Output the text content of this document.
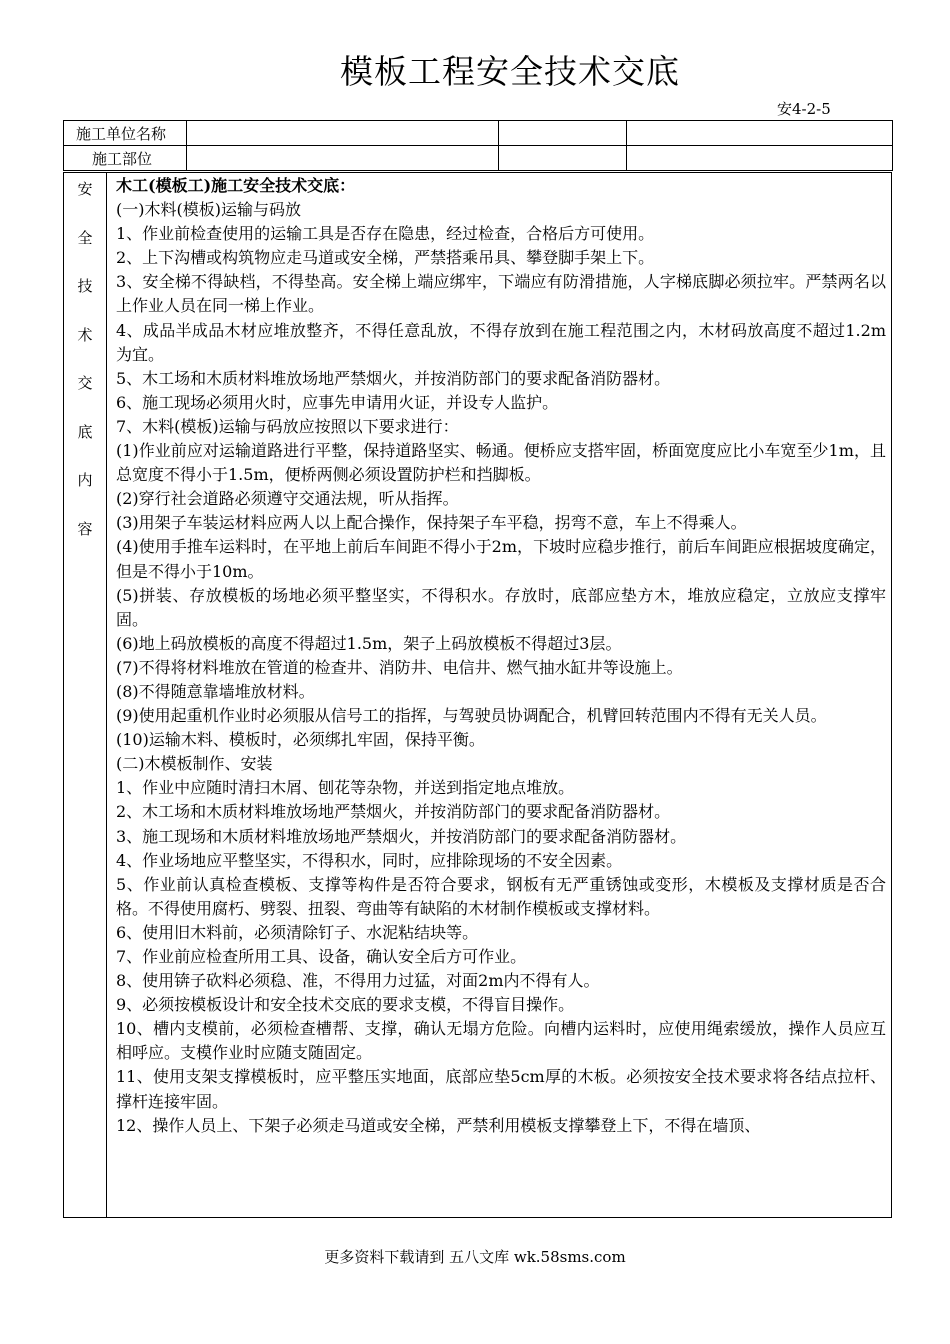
模板工程安全技术交底
安4-2-5
施工单位名称			
施工部位			
安
全
技
术
交
底
内
容

木工(模板工)施工安全技术交底：

(一)木料(模板)运输与码放

1、作业前检查使用的运输工具是否存在隐患，经过检查，合格后方可使用。

2、上下沟槽或构筑物应走马道或安全梯，严禁搭乘吊具、攀登脚手架上下。

3、安全梯不得缺档，不得垫高。安全梯上端应绑牢，下端应有防滑措施，人字梯底脚必须拉牢。严禁两名以上作业人员在同一梯上作业。

4、成品半成品木材应堆放整齐，不得任意乱放，不得存放到在施工程范围之内，木材码放高度不超过1.2m为宜。

5、木工场和木质材料堆放场地严禁烟火，并按消防部门的要求配备消防器材。

6、施工现场必须用火时，应事先申请用火证，并设专人监护。

7、木料(模板)运输与码放应按照以下要求进行：

(1)作业前应对运输道路进行平整，保持道路坚实、畅通。便桥应支搭牢固，桥面宽度应比小车宽至少1m，且总宽度不得小于1.5m，便桥两侧必须设置防护栏和挡脚板。

(2)穿行社会道路必须遵守交通法规，听从指挥。

(3)用架子车装运材料应两人以上配合操作，保持架子车平稳，拐弯不意，车上不得乘人。

(4)使用手推车运料时，在平地上前后车间距不得小于2m，下坡时应稳步推行，前后车间距应根据坡度确定，但是不得小于10m。

(5)拼装、存放模板的场地必须平整坚实，不得积水。存放时，底部应垫方木，堆放应稳定，立放应支撑牢固。

(6)地上码放模板的高度不得超过1.5m，架子上码放模板不得超过3层。

(7)不得将材料堆放在管道的检查井、消防井、电信井、燃气抽水缸井等设施上。

(8)不得随意靠墙堆放材料。

(9)使用起重机作业时必须服从信号工的指挥，与驾驶员协调配合，机臂回转范围内不得有无关人员。

(10)运输木料、模板时，必须绑扎牢固，保持平衡。

(二)木模板制作、安装

1、作业中应随时清扫木屑、刨花等杂物，并送到指定地点堆放。

2、木工场和木质材料堆放场地严禁烟火，并按消防部门的要求配备消防器材。

3、施工现场和木质材料堆放场地严禁烟火，并按消防部门的要求配备消防器材。

4、作业场地应平整坚实，不得积水，同时，应排除现场的不安全因素。

5、作业前认真检查模板、支撑等构件是否符合要求，钢板有无严重锈蚀或变形，木模板及支撑材质是否合格。不得使用腐朽、劈裂、扭裂、弯曲等有缺陷的木材制作模板或支撑材料。

6、使用旧木料前，必须清除钉子、水泥粘结块等。

7、作业前应检查所用工具、设备，确认安全后方可作业。

8、使用锛子砍料必须稳、准，不得用力过猛，对面2m内不得有人。

9、必须按模板设计和安全技术交底的要求支模，不得盲目操作。

10、槽内支模前，必须检查槽帮、支撑，确认无塌方危险。向槽内运料时，应使用绳索缓放，操作人员应互相呼应。支模作业时应随支随固定。

11、使用支架支撑模板时，应平整压实地面，底部应垫5cm厚的木板。必须按安全技术要求将各结点拉杆、撑杆连接牢固。

12、操作人员上、下架子必须走马道或安全梯，严禁利用模板支撑攀登上下，不得在墙顶、

更多资料下载请到 五八文库 wk.58sms.com
